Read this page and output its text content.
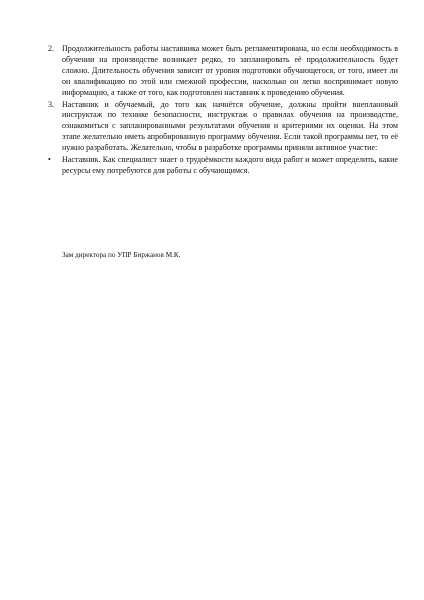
2. Продолжительность работы наставника может быть регламентирована, но если необходимость в обучении на производстве возникает редко, то запланировать её продолжительность будет сложно. Длительность обучения зависит от уровня подготовки обучающегося, от того, имеет ли он квалификацию по этой или смежной профессии, насколько он легко воспринимает новую информацию, а также от того, как подготовлен наставник к проведению обучения.

3. Наставник и обучаемый, до того как начнётся обучение, должны пройти внеплановый инструктаж по технике безопасности, инструктаж о правилах обучения на производстве, ознакомиться с запланированными результатами обучения и критериями их оценки. На этом этапе желательно иметь апробированную программу обучения. Если такой программы нет, то её нужно разработать. Желательно, чтобы в разработке программы приняли активное участие:

• Наставник. Как специалист знает о трудоёмкости каждого вида работ и может определить, какие ресурсы ему потребуются для работы с обучающимся.

Зам директора по УПР Биржанов М.К.
